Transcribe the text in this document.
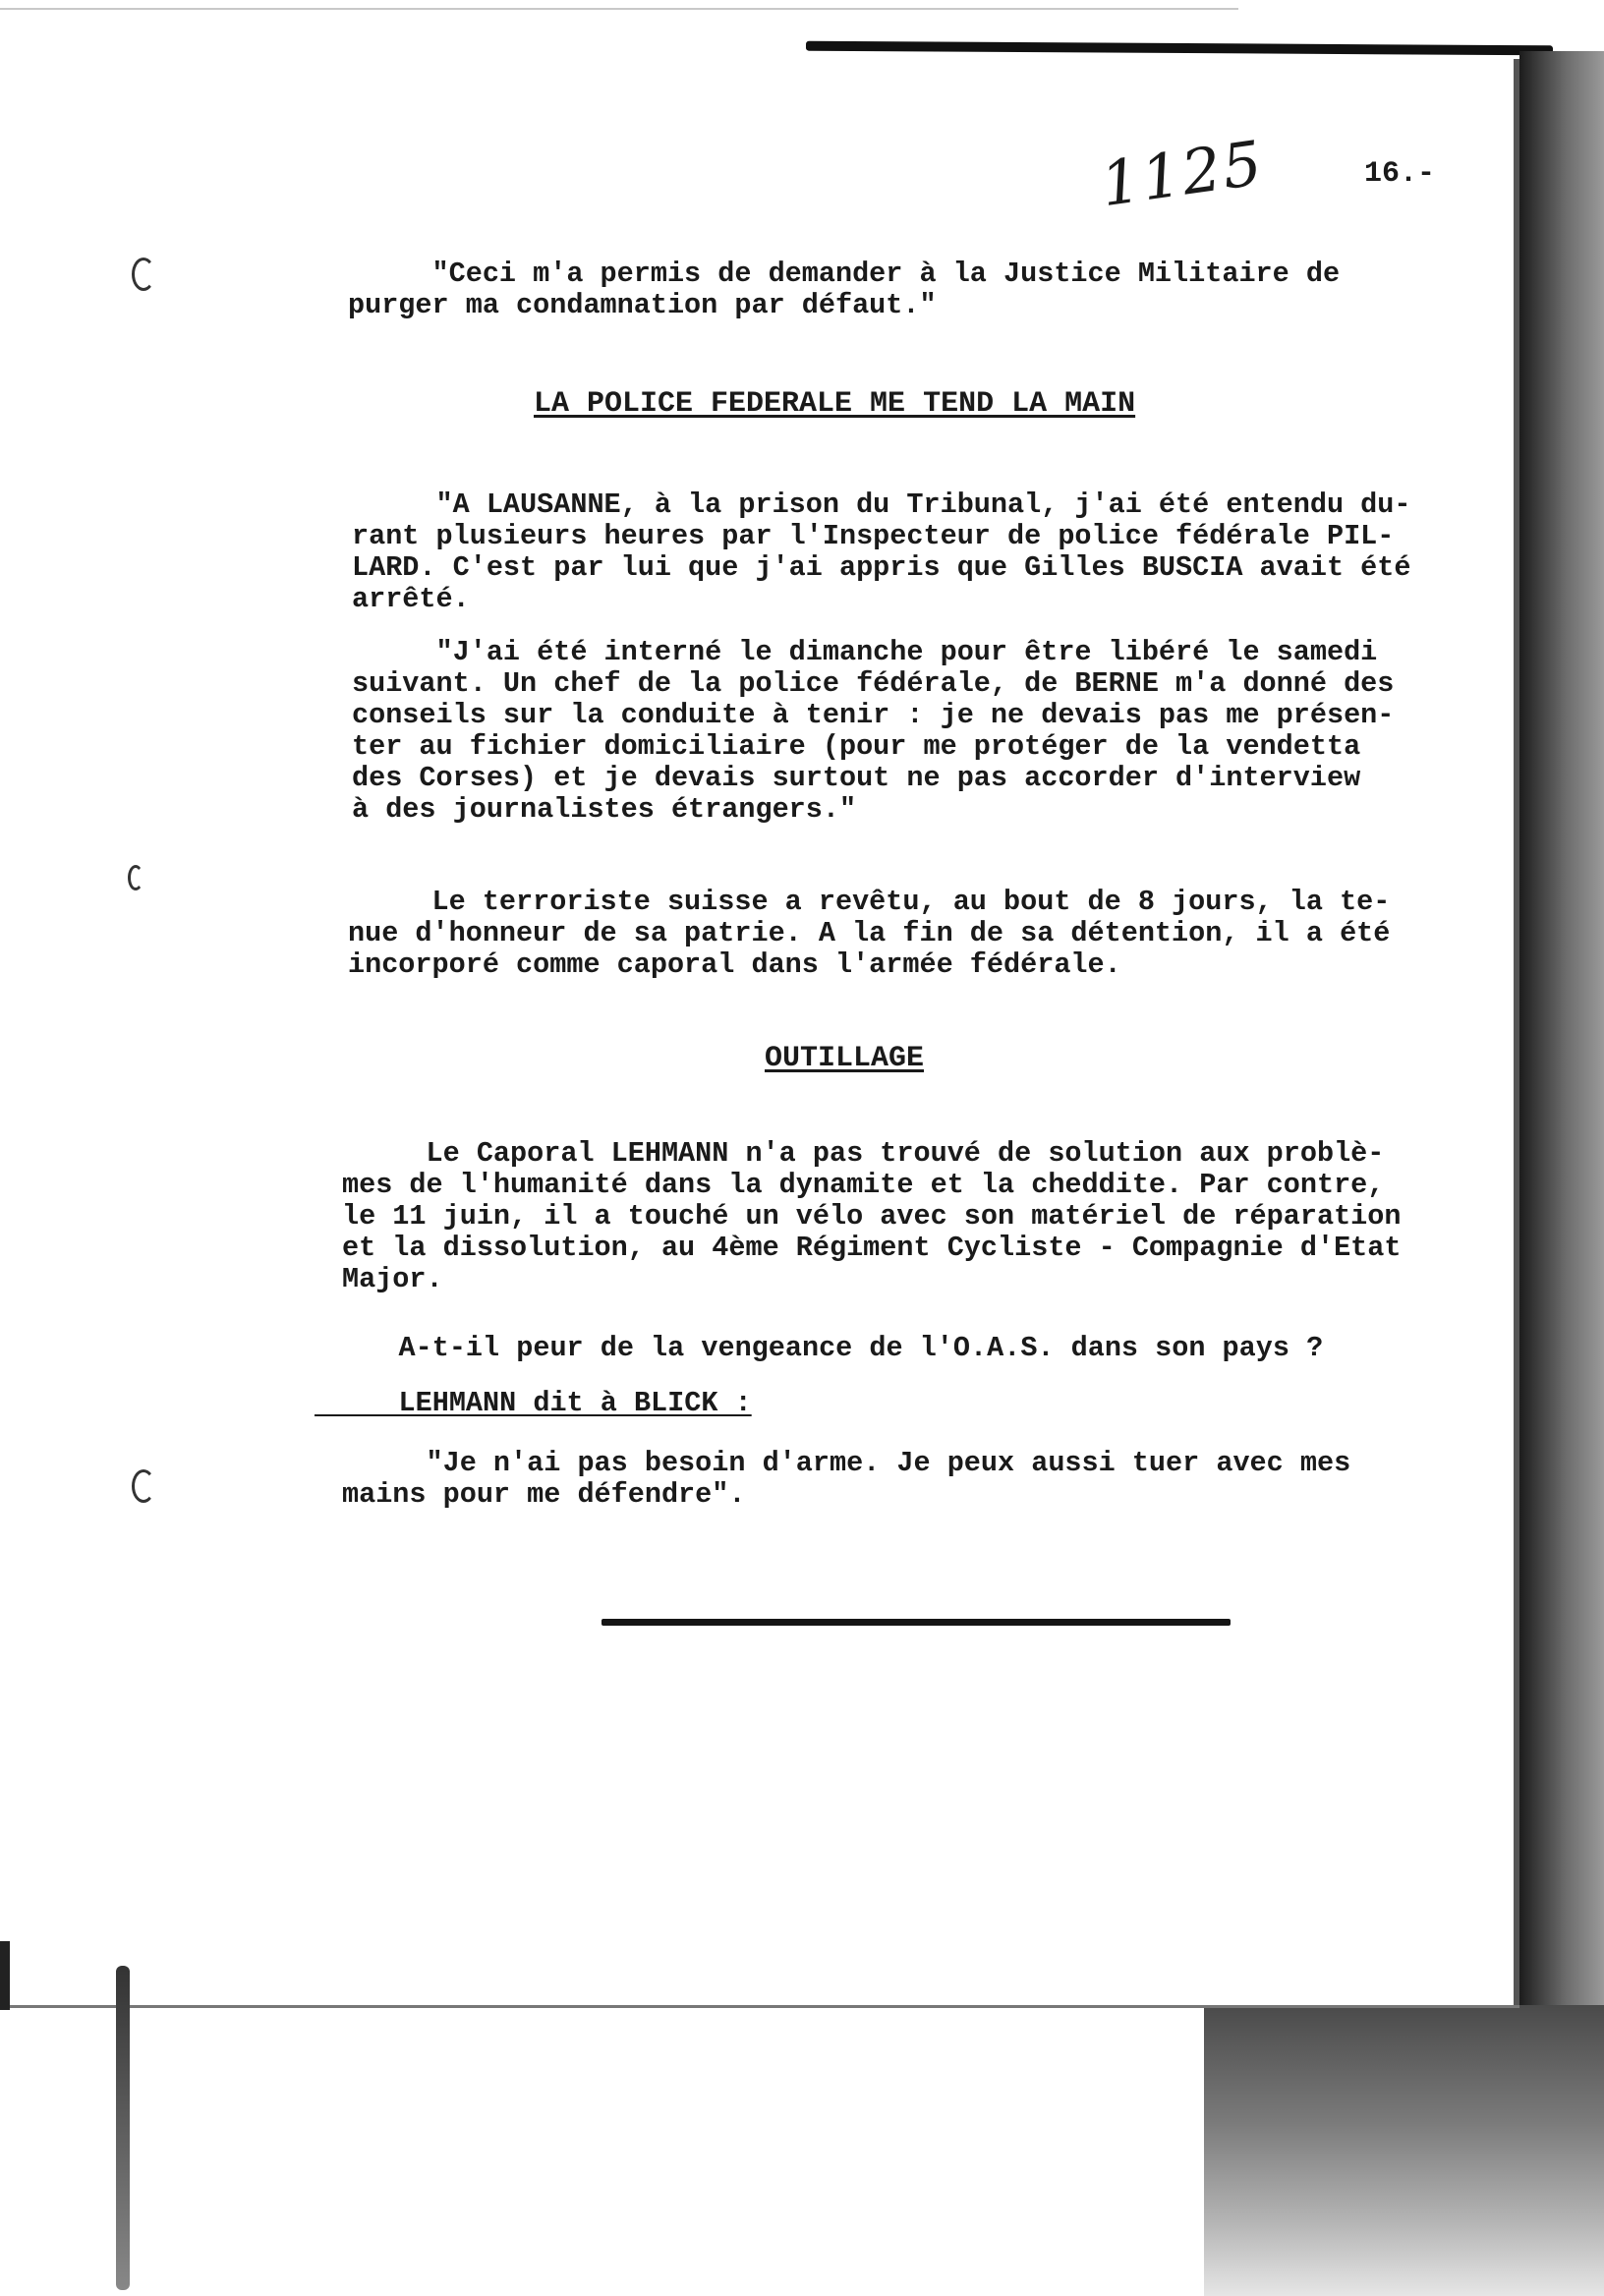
1125	16.-
"Ceci m'a permis de demander à la Justice Militaire de
purger ma condamnation par défaut."
LA POLICE FEDERALE ME TEND LA MAIN
"A LAUSANNE, à la prison du Tribunal, j'ai été entendu du-
rant plusieurs heures par l'Inspecteur de police fédérale PIL-
LARD. C'est par lui que j'ai appris que Gilles BUSCIA avait été
arrêté.
"J'ai été interné le dimanche pour être libéré le samedi
suivant. Un chef de la police fédérale, de BERNE m'a donné des
conseils sur la conduite à tenir : je ne devais pas me présen-
ter au fichier domiciliaire (pour me protéger de la vendetta
des Corses) et je devais surtout ne pas accorder d'interview
à des journalistes étrangers."
Le terroriste suisse a revêtu, au bout de 8 jours, la te-
nue d'honneur de sa patrie. A la fin de sa détention, il a été
incorporé comme caporal dans l'armée fédérale.
OUTILLAGE
Le Caporal LEHMANN n'a pas trouvé de solution aux problè-
mes de l'humanité dans la dynamite et la cheddite. Par contre,
le 11 juin, il a touché un vélo avec son matériel de réparation
et la dissolution, au 4ème Régiment Cycliste - Compagnie d'Etat
Major.
A-t-il peur de la vengeance de l'O.A.S. dans son pays ?
LEHMANN dit à BLICK :
"Je n'ai pas besoin d'arme. Je peux aussi tuer avec mes
mains pour me défendre".
